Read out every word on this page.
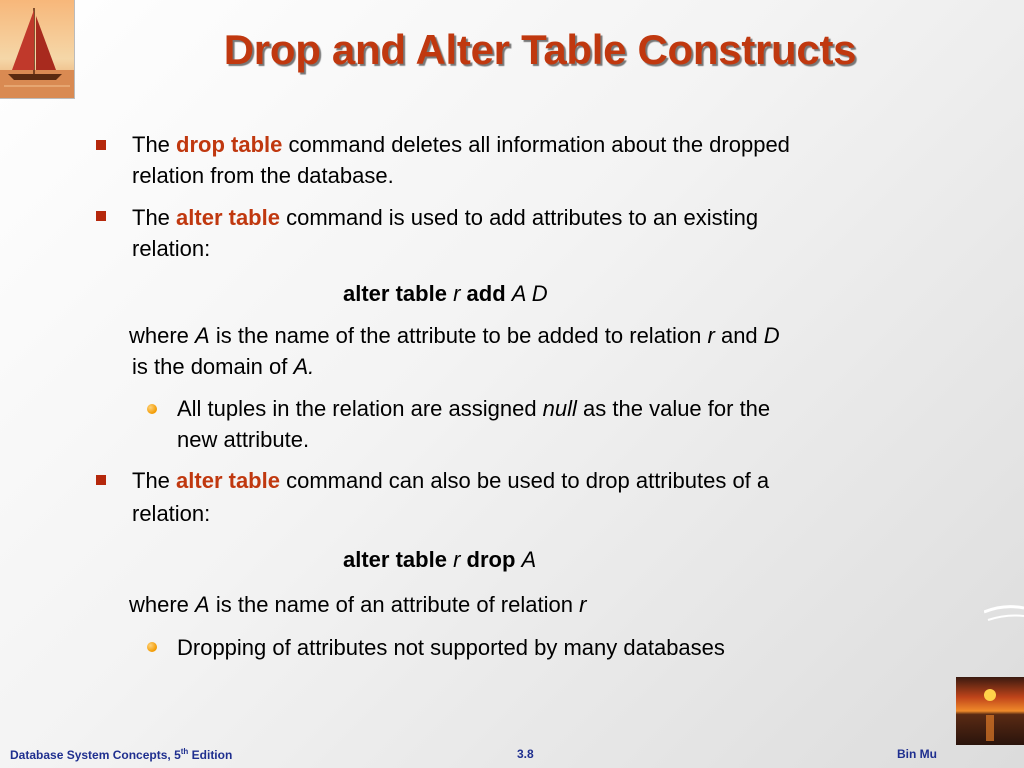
Drop and Alter Table Constructs
The drop table command deletes all information about the dropped
relation from the database.
The alter table command is used to add attributes to an existing
relation:
alter table r add A D
where A is the name of the attribute to be added to relation r and D
is the domain of A.
All tuples in the relation are assigned null as the value for the
new attribute.
The alter table command can also be used to drop attributes of a
relation:
alter table r drop A
where A is the name of an attribute of relation r
Dropping of attributes not supported by many databases
Database System Concepts, 5th Edition	3.8	Bin Mu
